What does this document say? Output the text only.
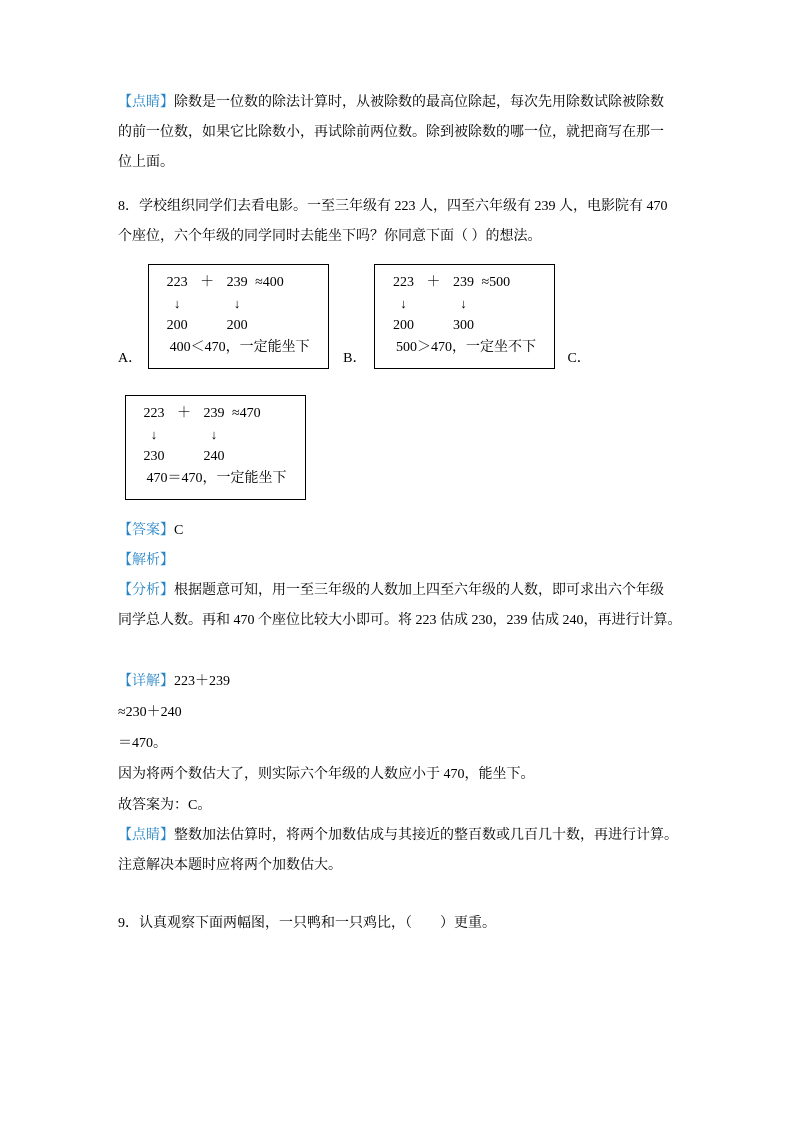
【点睛】除数是一位数的除法计算时，从被除数的最高位除起，每次先用除数试除被除数
的前一位数，如果它比除数小，再试除前两位数。除到被除数的哪一位，就把商写在那一
位上面。
8．学校组织同学们去看电影。一至三年级有 223 人，四至六年级有 239 人，电影院有 470
个座位，六个年级的同学同时去能坐下吗？你同意下面（ ）的想法。
A．
223 ＋ 239 ≈400
↓	↓
200	200
400＜470，一定能坐下
B．
223 ＋ 239 ≈500
↓	↓
200	300
500＞470，一定坐不下
C．
223 ＋ 239 ≈470
↓	↓
230	240
470＝470，一定能坐下
【答案】C
【解析】
【分析】根据题意可知，用一至三年级的人数加上四至六年级的人数，即可求出六个年级
同学总人数。再和 470 个座位比较大小即可。将 223 估成 230，239 估成 240，再进行计算。
【详解】223＋239
≈230＋240
＝470。
因为将两个数估大了，则实际六个年级的人数应小于 470，能坐下。
故答案为：C。
【点睛】整数加法估算时，将两个加数估成与其接近的整百数或几百几十数，再进行计算。
注意解决本题时应将两个加数估大。
9．认真观察下面两幅图，一只鸭和一只鸡比，（　　）更重。
